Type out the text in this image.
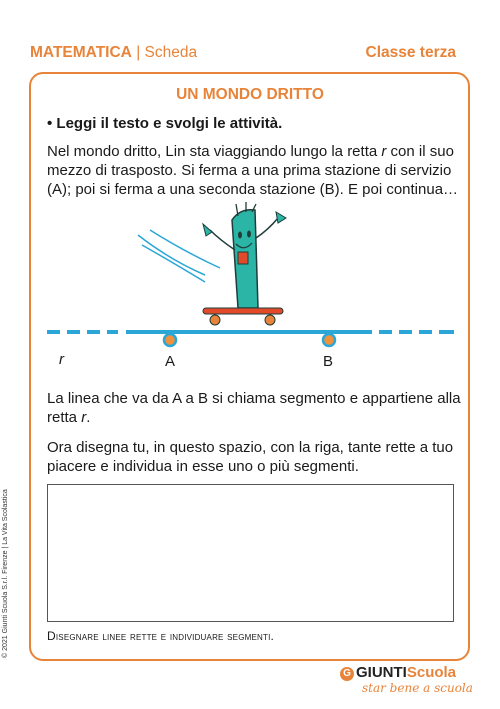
MATEMATICA | Scheda	Classe terza
UN MONDO DRITTO
• Leggi il testo e svolgi le attività.
Nel mondo dritto, Lin sta viaggiando lungo la retta r con il suo mezzo di trasposto. Si ferma a una prima stazione di servizio (A); poi si ferma a una seconda stazione (B). E poi continua…
r	A	B
La linea che va da A a B si chiama segmento e appartiene alla retta r.
Ora disegna tu, in questo spazio, con la riga, tante rette a tuo piacere e individua in esse uno o più segmenti.
Disegnare linee rette e individuare segmenti.
© 2021 Giunti Scuola S.r.l. Firenze | La Vita Scolastica
G GIUNTIScuola
star bene a scuola
